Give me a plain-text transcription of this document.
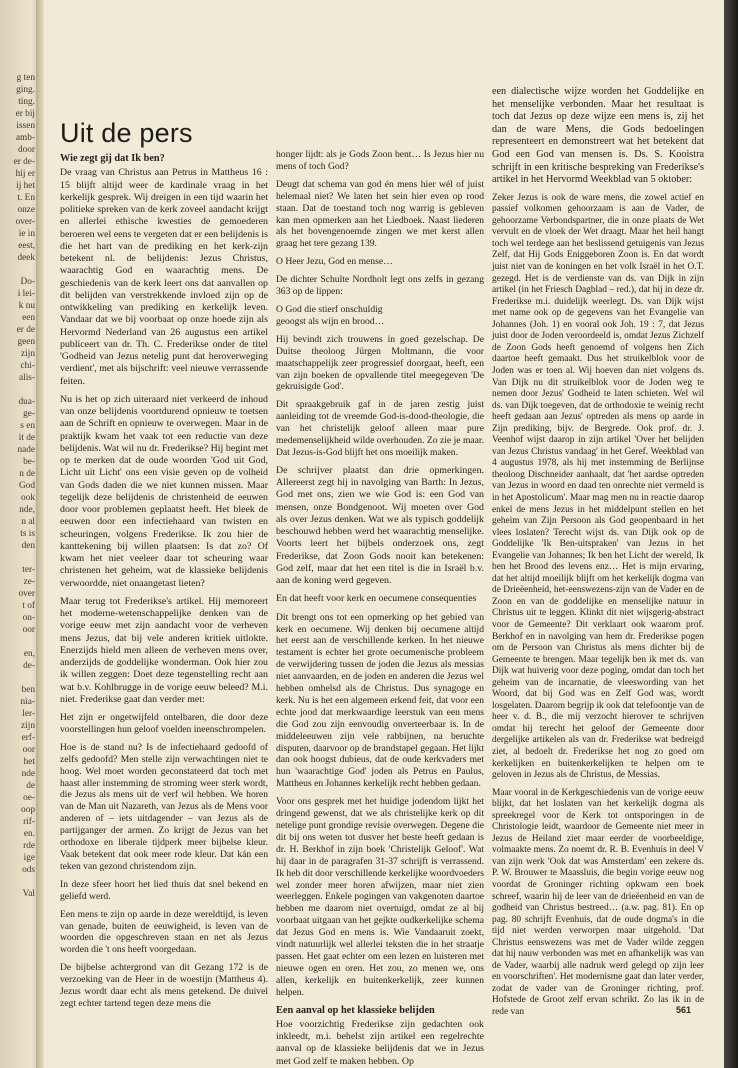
g ten
ging.
ting.
er bij
issen
amb-
door
er de-
hij er
ij het
t. En
onze
over-
ie in
eest,
deek

Do-
i lei-
k nu
een
er de
geen
zijn
chi-
alis-

dua-
ge-
s en
it de
nade
be-
n de
God
ook
nde,
n al
ts is
den

ter-
ze-
over
t of
on-
oor

en,
de-

ben
nia-
ler-
zijn
erf-
oor
het
nde
de
oe-
oop
rif-
en.
rde
ige
ods

Val
Uit de pers
Wie zegt gij dat Ik ben?

De vraag van Christus aan Petrus in Mattheus 16 : 15 blijft altijd weer de kardinale vraag in het kerkelijk gesprek. Wij dreigen in een tijd waarin het politieke spreken van de kerk zoveel aandacht krijgt en allerlei ethische kwesties de gemoederen beroeren wel eens te vergeten dat er een belijdenis is die het hart van de prediking en het kerk-zijn betekent nl. de belijdenis: Jezus Christus, waarachtig God en waarachtig mens. De geschiedenis van de kerk leert ons dat aanvallen op dit belijden van verstrekkende invloed zijn op de ontwikkeling van prediking en kerkelijk leven. Vandaar dat we bij voorbaat op onze hoede zijn als Hervormd Nederland van 26 augustus een artikel publiceert van dr. Th. C. Frederikse onder de titel 'Godheid van Jezus netelig punt dat heroverweging verdient', met als bijschrift: veel nieuwe verrassende feiten.

Nu is het op zich uiteraard niet verkeerd de inhoud van onze belijdenis voortdurend opnieuw te toetsen aan de Schrift en opnieuw te overwegen. Maar in de praktijk kwam het vaak tot een reductie van deze belijdenis. Wat wil nu dr. Frederikse? Hij begint met op te merken dat de oude woorden 'God uit God, Licht uit Licht' ons een visie geven op de volheid van Gods daden die we niet kunnen missen. Maar tegelijk deze belijdenis de christenheid de eeuwen door voor problemen geplaatst heeft. Het bleek de eeuwen door een infectiehaard van twisten en scheuringen, volgens Frederikse. Ik zou hier de kanttekening bij willen plaatsen: Is dat zo? Of kwam het niet veeleer daar tot scheuring waar christenen het geheim, wat de klassieke belijdenis verwoordde, niet onaangetast lieten?

Maar terug tot Frederikse's artikel. Hij memoreert het moderne-wetenschappelijke denken van de vorige eeuw met zijn aandacht voor de verheven mens Jezus, dat bij vele anderen kritiek uitlokte. Enerzijds hield men alleen de verheven mens over, anderzijds de goddelijke wonderman. Ook hier zou ik willen zeggen: Doet deze tegenstelling recht aan wat b.v. Kohlbrugge in de vorige eeuw beleed? M.i. niet. Frederikse gaat dan verder met:

Het zijn er ongetwijfeld ontelbaren, die door deze voorstellingen hun geloof voelden ineenschrompelen.

Hoe is de stand nu? Is de infectiehaard gedoofd of zelfs gedoofd? Men stelle zijn verwachtingen niet te hoog. Wel moet worden geconstateerd dat toch met haast aller instemming de stroming weer sterk wordt, die Jezus als mens uit de verf wil hebben. We horen van de Man uit Nazareth, van Jezus als de Mens voor anderen of – iets uitdagender – van Jezus als de partijganger der armen. Zo krijgt de Jezus van het orthodoxe en liberale tijdperk meer bijbelse kleur. Vaak betekent dat ook meer rode kleur. Dat kán een teken van gezond christendom zijn.

In deze sfeer hoort het lied thuis dat snel bekend en geliefd werd.

Een mens te zijn op aarde in deze wereldtijd, is leven van genade, buiten de eeuwigheid, is leven van de woorden die opgeschreven staan en net als Jezus worden die 't ons heeft voorgedaan.

De bijbelse achtergrond van dit Gezang 172 is de verzoeking van de Heer in de woestijn (Mattheus 4). Jezus wordt daar echt als mens getekend. De duivel zegt echter tartend tegen deze mens die

honger lijdt: als je Gods Zoon bent… Is Jezus hier nu mens of toch God?

Deugt dat schema van god én mens hier wél of juist helemaal niet? We laten het sein hier even op rood staan. Dat de toestand toch nog warrig is gebleven kan men opmerken aan het Liedboek. Naast liederen als het bovengenoemde zingen we met kerst allen graag het tere gezang 139.

O Heer Jezu, God en mense…

De dichter Schulte Nordholt legt ons zelfs in gezang 363 op de lippen:

O God die stierf onschuldig
geoogst als wijn en brood…

Hij bevindt zich trouwens in goed gezelschap. De Duitse theoloog Jürgen Moltmann, die voor maatschappelijk zeer progressief doorgaat, heeft, een van zijn boeken de opvallende titel meegegeven 'De gekruisigde God'.

Dit spraakgebruik gaf in de jaren zestig juist aanleiding tot de vreemde God-is-dood-theologie, die van het christelijk geloof alleen maar pure medemenselijkheid wilde overhouden. Zo zie je maar. Dat Jezus-is-God blijft het ons moeilijk maken.

De schrijver plaatst dan drie opmerkingen. Allereerst zegt hij in navolging van Barth: In Jezus, God met ons, zien we wie God is: een God van mensen, onze Bondgenoot. Wij moeten over God als over Jezus denken. Wat we als typisch goddelijk beschouwd hebben werd het waarachtig menselijke. Voorts leert het bijbels onderzoek ons, zegt Frederikse, dat Zoon Gods nooit kan betekenen: God zelf, maar dat het een titel is die in Israël b.v. aan de koning werd gegeven.

En dat heeft voor kerk en oecumene consequenties

Dit brengt ons tot een opmerking op het gebied van kerk en oecumene. Wij denken bij oecumene altijd het eerst aan de verschillende kerken. In het nieuwe testament is echter het grote oecumenische probleem de verwijdering tussen de joden die Jezus als messias niet aanvaarden, en de joden en anderen die Jezus wel hebben omhelsd als de Christus. Dus synagoge en kerk. Nu is het een algemeen erkend feit, dat voor een echte jood dat merkwaardige leerstuk van een mens die God zou zijn eenvoudig onverteerbaar is. In de middeleeuwen zijn vele rabbijnen, na beruchte disputen, daarvoor op de brandstapel gegaan. Het lijkt dan ook hoogst dubieus, dat de oude kerkvaders met hun 'waarachtige God' joden als Petrus en Paulus, Mattheus en Johannes kerkelijk recht hebben gedaan.

Voor ons gesprek met het huidige jodendom lijkt het dringend gewenst, dat we als christelijke kerk op dit netelige punt grondige revisie overwegen. Degene die dit bij ons weten tot dusver het beste heeft gedaan is dr. H. Berkhof in zijn boek 'Christelijk Geloof'. Wat hij daar in de paragrafen 31-37 schrijft is verrassend. Ik heb dit door verschillende kerkelijke woordvoeders wel zonder meer horen afwijzen, maar niet zien weerleggen. Enkele pogingen van vakgenoten daartoe hebben me daarom niet overtuigd, omdat ze al bij voorbaat uitgaan van het gejkte oudkerkelijke schema dat Jezus God en mens is. Wie Vandaaruit zoekt, vindt natuurlijk wel allerlei teksten die in het straatje passen. Het gaat echter om een lezen en luisteren met nieuwe ogen en oren. Het zou, zo menen we, ons allen, kerkelijk en buitenkerkelijk, zeer kunnen helpen.

Een aanval op het klassieke belijden

Hoe voorzichtig Frederikse zijn gedachten ook inkleedt, m.i. behelst zijn artikel een regelrechte aanval op de klassieke belijdenis dat we in Jezus met God zelf te maken hebben. Op

een dialectische wijze worden het Goddelijke en het menselijke verbonden. Maar het resultaat is toch dat Jezus op deze wijze een mens is, zij het dan de ware Mens, die Gods bedoelingen representeert en demonstreert wat het betekent dat God een God van mensen is. Ds. S. Kooistra schrijft in een kritische bespreking van Frederikse's artikel in het Hervormd Weekblad van 5 oktober:

Zeker Jezus is ook de ware mens, die zowel actief en passief volkomen gehoorzaam is aan de Vader, de gehoorzame Verbondspartner, die in onze plaats de Wet vervult en de vloek der Wet draagt. Maar het heil hangt toch wel terdege aan het beslissend getuigenis van Jezus Zelf, dat Hij Gods Eniggeboren Zoon is. En dat wordt juist niet van de koningen en het volk Israël in het O.T. gezegd. Het is de verdienste van ds. van Dijk in zijn artikel (in het Friesch Dagblad – red.), dat hij in deze dr. Frederikse m.i. duidelijk weerlegt. Ds. van Dijk wijst met name ook op de gegevens van het Evangelie van Johannes (Joh. 1) en vooral ook Joh. 19 : 7, dat Jezus juist door de Joden veroordeeld is, omdat Jezus Zichzelf de Zoon Gods heeft genoemd of volgens hen Zich daartoe heeft gemaakt. Dus het struikelblok voor de Joden was er toen al. Wij hoeven dan niet volgens ds. Van Dijk nu dit struikelblok voor de Joden weg te nemen door Jezus' Godheid te laten schieten. Wel wil ds. van Dijk toegeven, dat de orthodoxie te weinig recht heeft gedaan aan Jezus' optreden als mens op aarde in Zijn prediking, bijv. de Bergrede. Ook prof. dr. J. Veenhof wijst daarop in zijn artikel 'Over het belijden van Jezus Christus vandaag' in het Geref. Weekblad van 4 augustus 1978, als hij met instemming de Berlijnse theoloog Dischneider aanhaalt, dat 'het aardse optreden van Jezus in woord en daad ten onrechte niet vermeld is in het Apostolicum'. Maar mag men nu in reactie daarop enkel de mens Jezus in het middelpunt stellen en het geheim van Zijn Persoon als God geopenbaard in het vlees loslaten? Terecht wijst ds. van Dijk ook op de Goddelijke 'Ik Ben-uitspraken' van Jezus in het Evangelie van Johannes; Ik ben het Licht der wereld, Ik ben het Brood des levens enz… Het is mijn ervaring, dat het altijd moeilijk blijft om het kerkelijk dogma van de Drieëenheid, het-eenswezens-zijn van de Vader en de Zoon en van de goddelijke en menselijke natuur in Christus uit te leggen. Klinkt dit niet wijsgerig-abstract voor de Gemeente? Dit verklaart ook waarom prof. Berkhof en in navolging van hem dr. Frederikse pogen om de Persoon van Christus als mens dichter bij de Gemeente te brengen. Maar tegelijk ben ik met ds. van Dijk wat huiverig voor deze poging, omdat dan toch het geheim van de incarnatie, de vleeswording van het Woord, dat bij God was en Zelf God was, wordt losgelaten. Daarom begrijp ik ook dat telefoontje van de heer v. d. B., die mij verzocht hierover te schrijven omdat hij terecht het geloof der Gemeente door dergelijke artikelen als van dr. Frederikse wat bedreigd ziet, al bedoelt dr. Frederikse het nog zo goed om kerkelijken en buitenkerkelijken te helpen om te geloven in Jezus als de Christus, de Messias.

Maar vooral in de Kerkgeschiedenis van de vorige eeuw blijkt, dat het loslaten van het kerkelijk dogma als spreekregel voor de Kerk tot ontsporingen in de Christologie leidt, waardoor de Gemeente niet meer in Jezus de Heiland ziet maar eerder de voorbeeldige, volmaakte mens. Zo noemt dr. R. B. Evenhuis in deel V van zijn werk 'Ook dat was Amsterdam' een zekere ds. P. W. Brouwer te Maassluis, die begin vorige eeuw nog voordat de Groninger richting opkwam een boek schreef, waarin hij de leer van de drieëenheid en van de godheid van Christus bestreed… (a.w. pag. 81). En op pag. 80 schrijft Evenhuis, dat de oude dogma's in die tijd niet werden verworpen maar uitgehold. 'Dat Christus eenswezens was met de Vader wilde zeggen dat hij nauw verbonden was met en afhankelijk was van de Vader, waarbij alle nadruk werd gelegd op zijn leer en voorschriften'. Het modernisme gaat dan later verder, zodat de vader van de Groninger richting, prof. Hofstede de Groot zelf ervan schrikt. Zo las ik in de rede van	561
